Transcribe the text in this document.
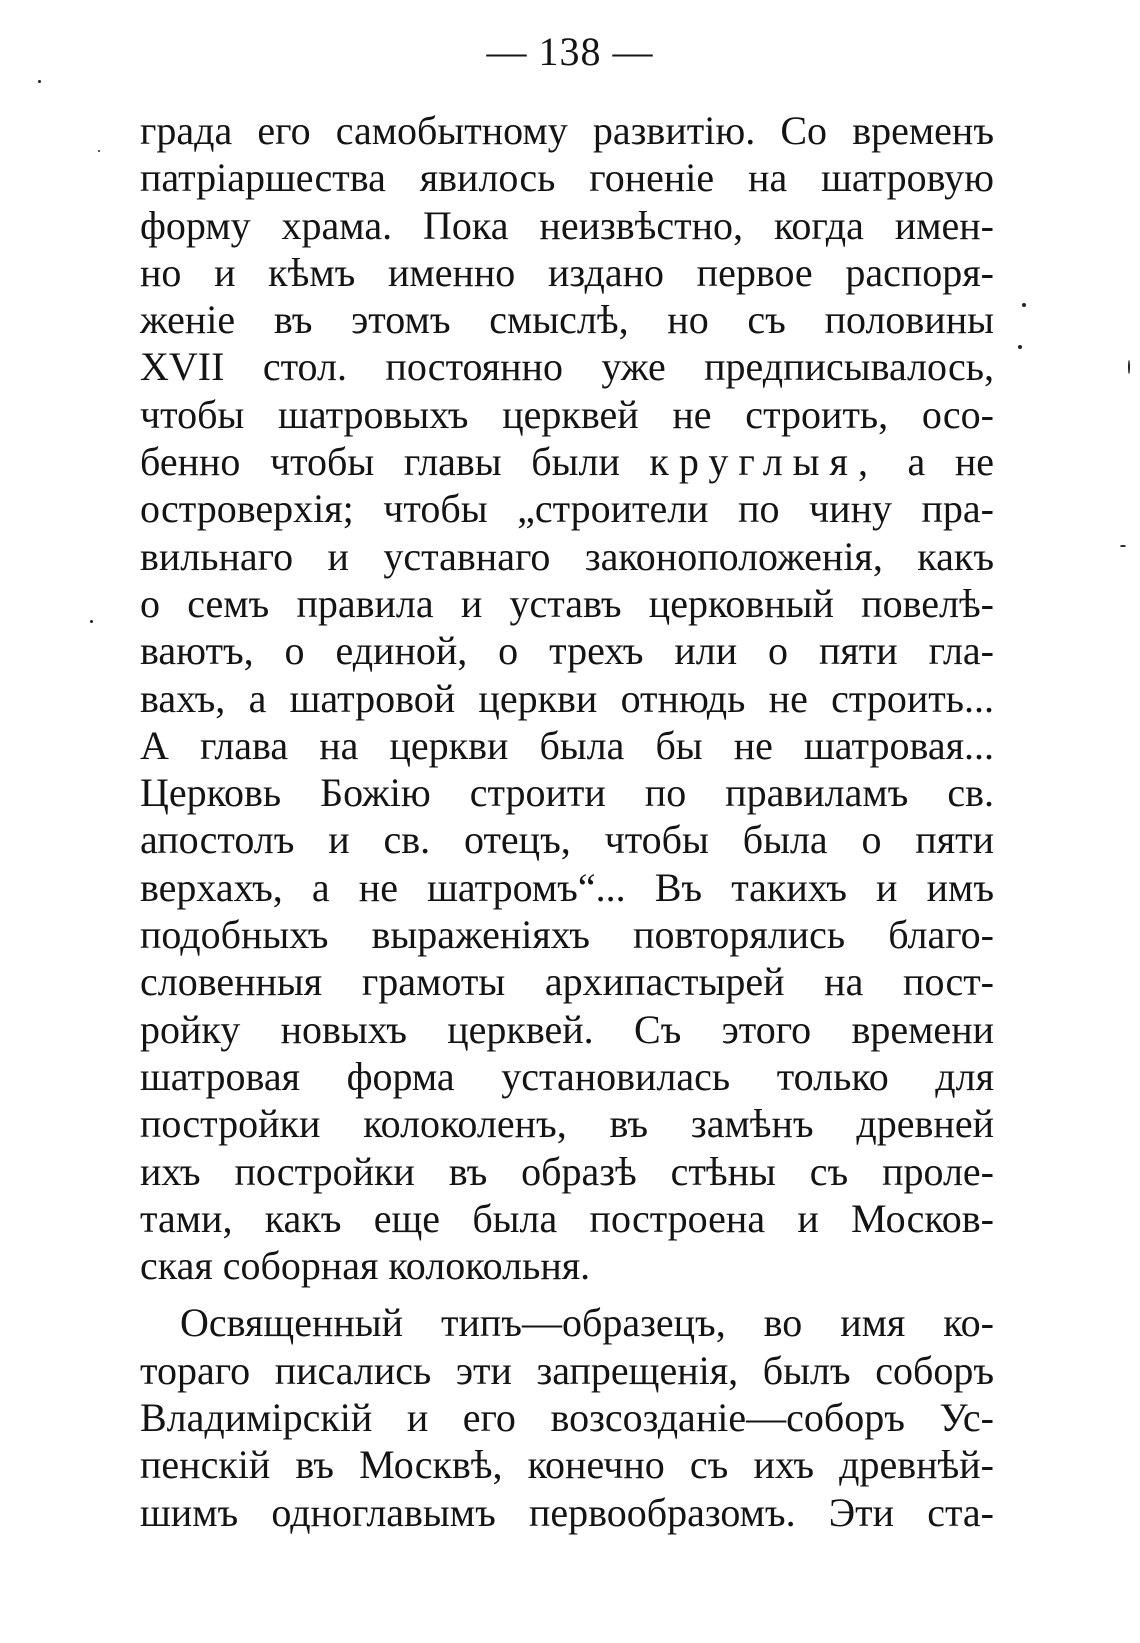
— 138 —
града его самобытному развитію. Со временъ
патріаршества явилось гоненіе на шатровую
форму храма. Пока неизвѣстно, когда имен-
но и кѣмъ именно издано первое распоря-
женіе въ этомъ смыслѣ, но съ половины
XVII стол. постоянно уже предписывалось,
чтобы шатровыхъ церквей не строить, осо-
бенно чтобы главы были круглыя, а не
островерхія; чтобы „строители по чину пра-
вильнаго и уставнаго законоположенія, какъ
о семъ правила и уставъ церковный повелѣ-
ваютъ, о единой, о трехъ или о пяти гла-
вахъ, а шатровой церкви отнюдь не строить...
А глава на церкви была бы не шатровая...
Церковь Божію строити по правиламъ св.
апостолъ и св. отецъ, чтобы была о пяти
верхахъ, а не шатромъ“... Въ такихъ и имъ
подобныхъ выраженіяхъ повторялись благо-
словенныя грамоты архипастырей на пост-
ройку новыхъ церквей. Съ этого времени
шатровая форма установилась только для
постройки колоколенъ, въ замѣнъ древней
ихъ постройки въ образѣ стѣны съ проле-
тами, какъ еще была построена и Москов-
ская соборная колокольня.
Освященный типъ—образецъ, во имя ко-
тораго писались эти запрещенія, былъ соборъ
Владимірскій и его возсозданіе—соборъ Ус-
пенскій въ Москвѣ, конечно съ ихъ древнѣй-
шимъ одноглавымъ первообразомъ. Эти ста-
